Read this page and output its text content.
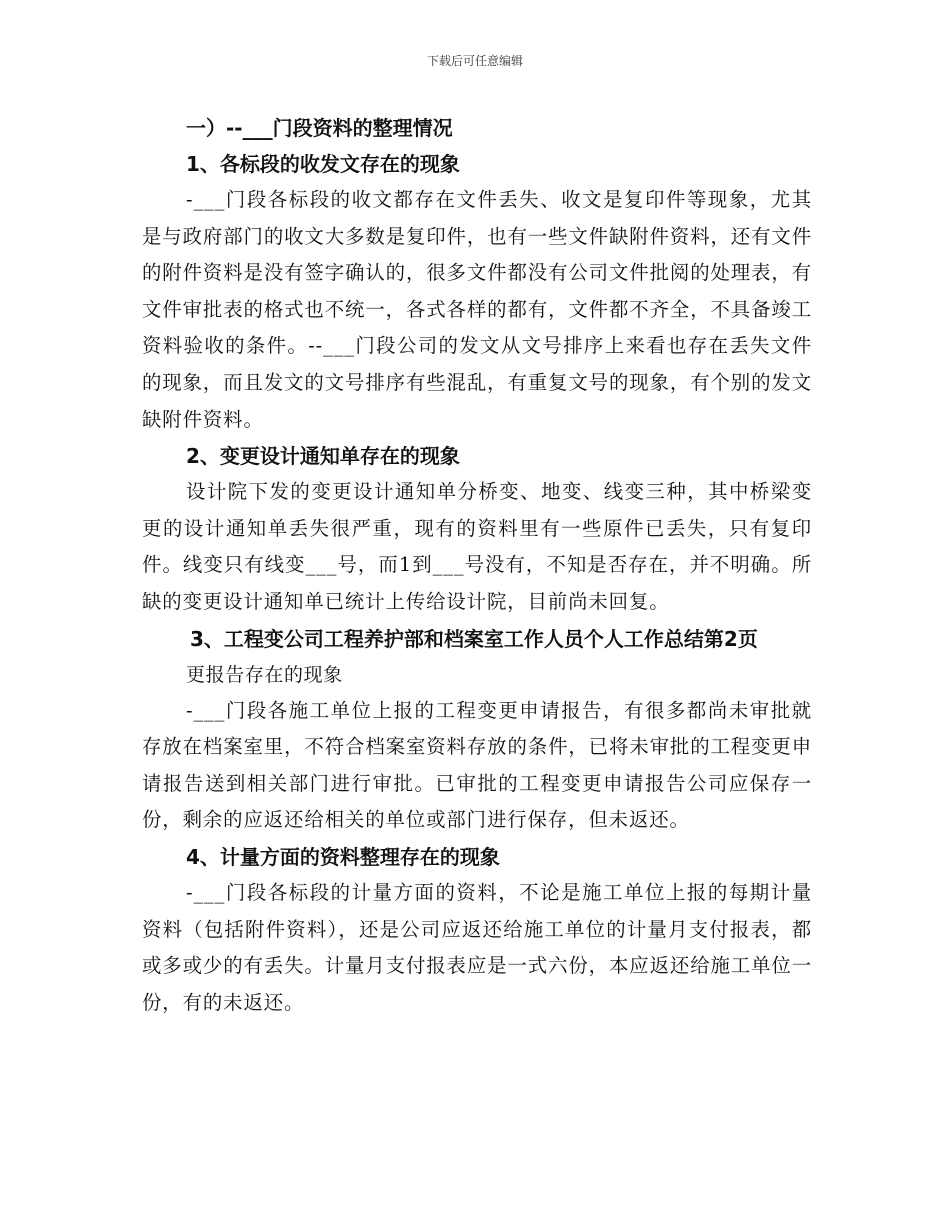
下载后可任意编辑

一）--___门段资料的整理情况

1、各标段的收发文存在的现象

-___门段各标段的收文都存在文件丢失、收文是复印件等现象，尤其是与政府部门的收文大多数是复印件，也有一些文件缺附件资料，还有文件的附件资料是没有签字确认的，很多文件都没有公司文件批阅的处理表，有文件审批表的格式也不统一，各式各样的都有，文件都不齐全，不具备竣工资料验收的条件。--___门段公司的发文从文号排序上来看也存在丢失文件的现象，而且发文的文号排序有些混乱，有重复文号的现象，有个别的发文缺附件资料。

2、变更设计通知单存在的现象

设计院下发的变更设计通知单分桥变、地变、线变三种，其中桥梁变更的设计通知单丢失很严重，现有的资料里有一些原件已丢失，只有复印件。线变只有线变___号，而1到___号没有，不知是否存在，并不明确。所缺的变更设计通知单已统计上传给设计院，目前尚未回复。

3、工程变公司工程养护部和档案室工作人员个人工作总结第2页

更报告存在的现象

-___门段各施工单位上报的工程变更申请报告，有很多都尚未审批就存放在档案室里，不符合档案室资料存放的条件，已将未审批的工程变更申请报告送到相关部门进行审批。已审批的工程变更申请报告公司应保存一份，剩余的应返还给相关的单位或部门进行保存，但未返还。

4、计量方面的资料整理存在的现象

-___门段各标段的计量方面的资料，不论是施工单位上报的每期计量资料（包括附件资料），还是公司应返还给施工单位的计量月支付报表，都或多或少的有丢失。计量月支付报表应是一式六份，本应返还给施工单位一份，有的未返还。
